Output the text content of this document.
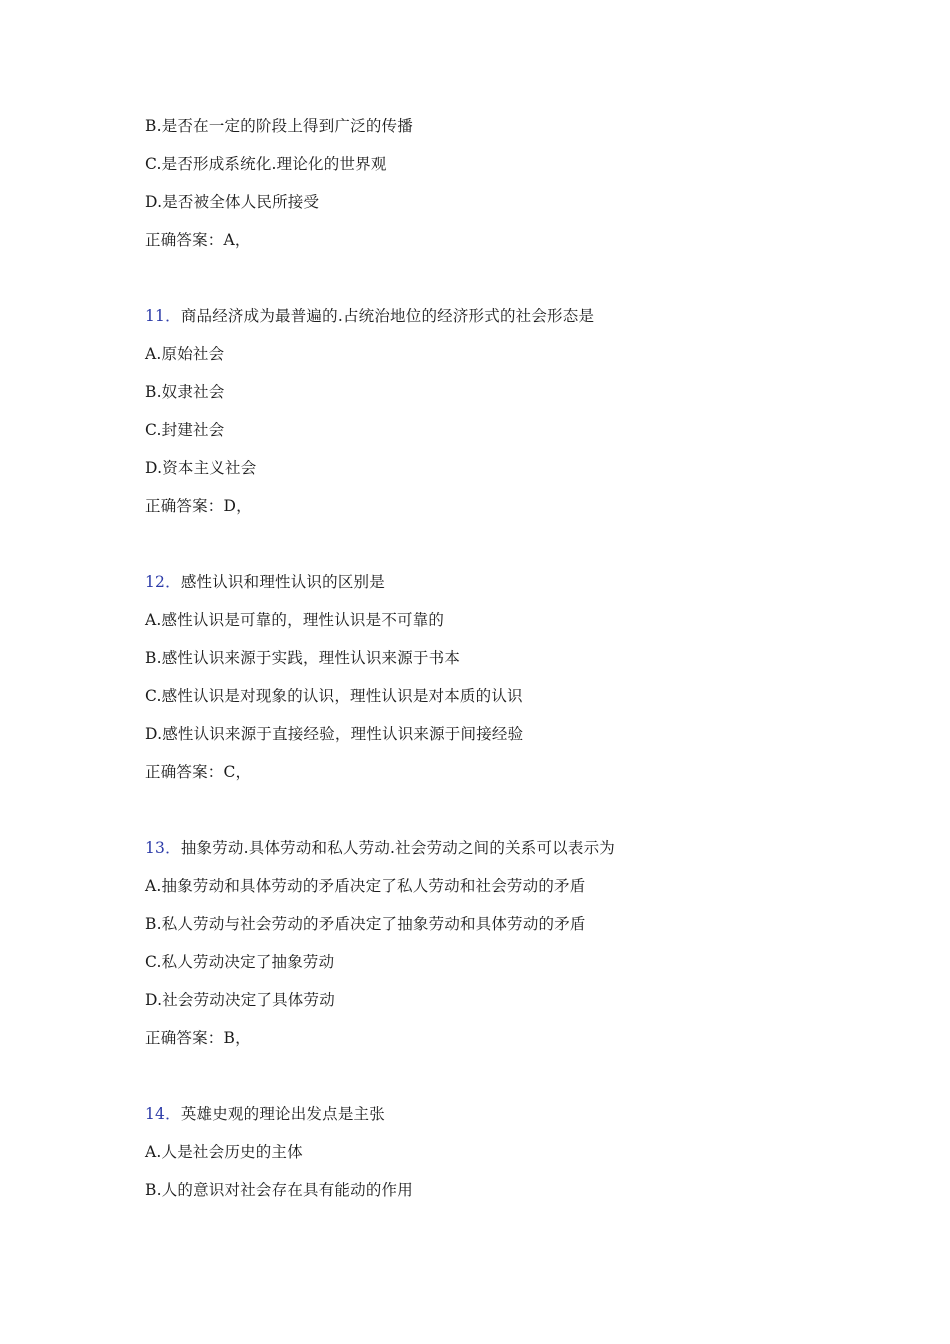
B.是否在一定的阶段上得到广泛的传播
C.是否形成系统化.理论化的世界观
D.是否被全体人民所接受
正确答案：A，
11．商品经济成为最普遍的.占统治地位的经济形式的社会形态是
A.原始社会
B.奴隶社会
C.封建社会
D.资本主义社会
正确答案：D，
12．感性认识和理性认识的区别是
A.感性认识是可靠的，理性认识是不可靠的
B.感性认识来源于实践，理性认识来源于书本
C.感性认识是对现象的认识，理性认识是对本质的认识
D.感性认识来源于直接经验，理性认识来源于间接经验
正确答案：C，
13．抽象劳动.具体劳动和私人劳动.社会劳动之间的关系可以表示为
A.抽象劳动和具体劳动的矛盾决定了私人劳动和社会劳动的矛盾
B.私人劳动与社会劳动的矛盾决定了抽象劳动和具体劳动的矛盾
C.私人劳动决定了抽象劳动
D.社会劳动决定了具体劳动
正确答案：B，
14．英雄史观的理论出发点是主张
A.人是社会历史的主体
B.人的意识对社会存在具有能动的作用
